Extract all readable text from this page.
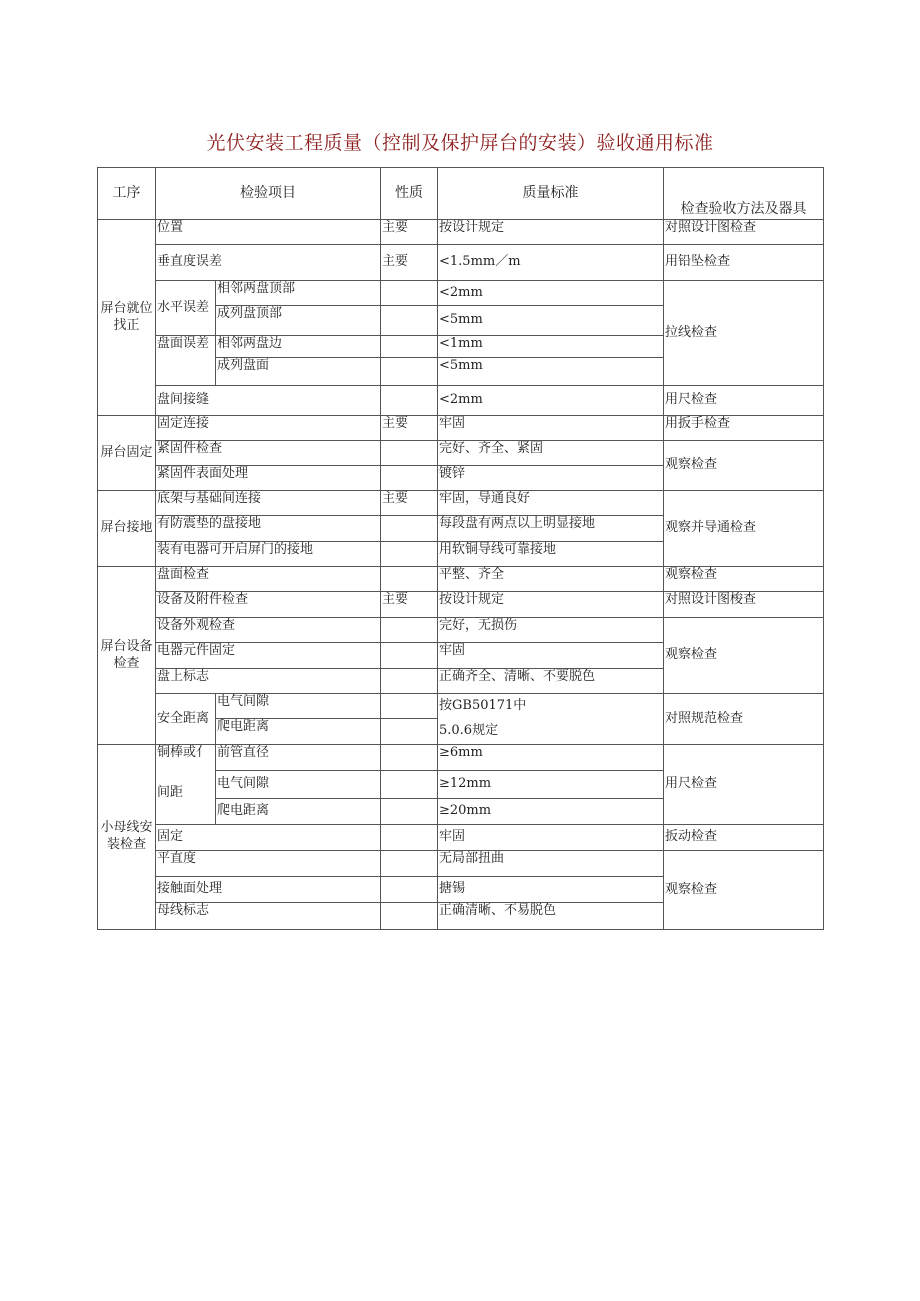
光伏安装工程质量（控制及保护屏台的安装）验收通用标准
工序	检验项目		性质	质量标准	检查验收方法及器具
屏台就位找正	位置		主要	按设计规定	对照设计图检查
	垂直度误差		主要	<1.5mm／m	用铅坠检查
	水平误差	相邻两盘顶部		<2mm	拉线检查
		成列盘顶部		<5mm	
	盘面误差	相邻两盘边		<1mm	
		成列盘面		<5mm	

	盘间接缝			<2mm	用尺检查
屏台固定	固定连接		主要	牢固	用扳手检查
	紧固件检查			完好、齐全、紧固	观察检查
	紧固件表面处理			镀锌	
屏台接地	底架与基础间连接		主要	牢固，导通良好	观察并导通检查
	有防震垫的盘接地			每段盘有两点以上明显接地	
	装有电器可开启屏门的接地			用软铜导线可靠接地	
屏台设备检查	盘面检查			平整、齐全	观察检查
	设备及附件检查		主要	按设计规定	对照设计图梭查
	设备外观检查			完好，无损伤	观察检查
	电器元件固定			牢固	
	盘上标志			正确齐全、清晰、不要脱色	
	安全距离	电气间隙		按GB50171中	对照规范检查
		爬电距离		5.0.6规定	
小母线安装检查	铜棒或亻	前管直径		≥6mm	用尺检查
	间距	电气间隙		≥12mm	
		爬电距离		≥20mm	
	固定			牢固	扳动检查
	平直度			无局部扭曲	观察检查
	接触面处理			搪锡	
	母线标志			正确清晰、不易脱色	
